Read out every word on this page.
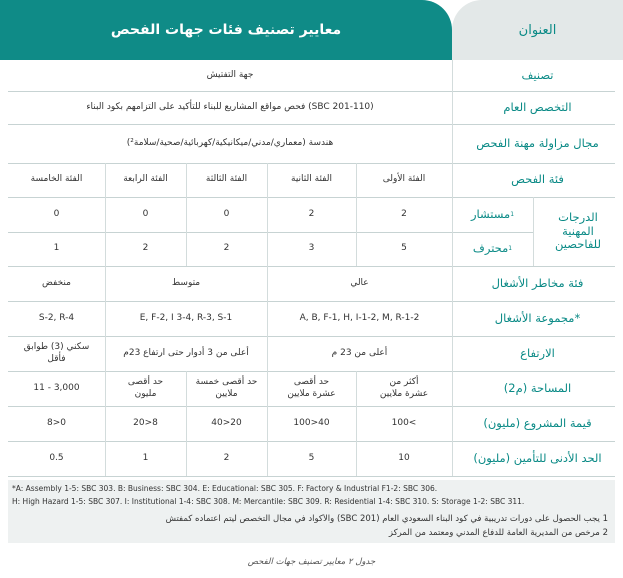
معايير تصنيف فئات جهات الفحص	العنوان
تصنيف
جهة التفتيش
التخصص العام
فحص مواقع المشاريع للبناء للتأكيد على التزامهم بكود البناء (SBC 201-110)
مجال مزاولة مهنة الفحص
هندسة (معماري/مدني/ميكانيكية/كهربائية/صحية/سلامة²)
فئة الفحص
الفئة الأولى
الفئة الثانية
الفئة الثالثة
الفئة الرابعة
الفئة الخامسة
الدرجات المهنية للفاحصين
مستشار 1
محترف 1
2
2
0
0
0
5
3
2
2
1
فئة مخاطر الأشغال
عالي
متوسط
منخفض
مجموعة الأشغال*
A, B, F-1, H, I-1-2, M, R-1-2
E, F-2, I 3-4, R-3, S-1
S-2, R-4
الارتفاع
أعلى من 23 م
أعلى من 3 أدوار حتى ارتفاع 23م
سكني (3) طوابق فأقل
المساحة (م2)
أكثر من عشرة ملايين
حد أقصى عشرة ملايين
حد أقصى خمسة ملايين
حد أقصى مليون
11 - 3,000
قيمة المشروع (مليون)
100<
100>40
40>20
20>8
8>0
الحد الأدنى للتأمين (مليون)
10
5
2
1
0.5
*A: Assembly 1-5: SBC 303. B: Business: SBC 304. E: Educational: SBC 305. F: Factory & Industrial F1-2: SBC 306.
H: High Hazard 1-5: SBC 307. I: Institutional 1-4: SBC 308. M: Mercantile: SBC 309. R: Residential 1-4: SBC 310. S: Storage 1-2: SBC 311.
1 يجب الحصول على دورات تدريبية في كود البناء السعودي العام (SBC 201) والأكواد في مجال التخصص ليتم اعتماده كمفتش
2 مرخص من المديرية العامة للدفاع المدني ومعتمد من المركز
جدول ٢ معايير تصنيف جهات الفحص
